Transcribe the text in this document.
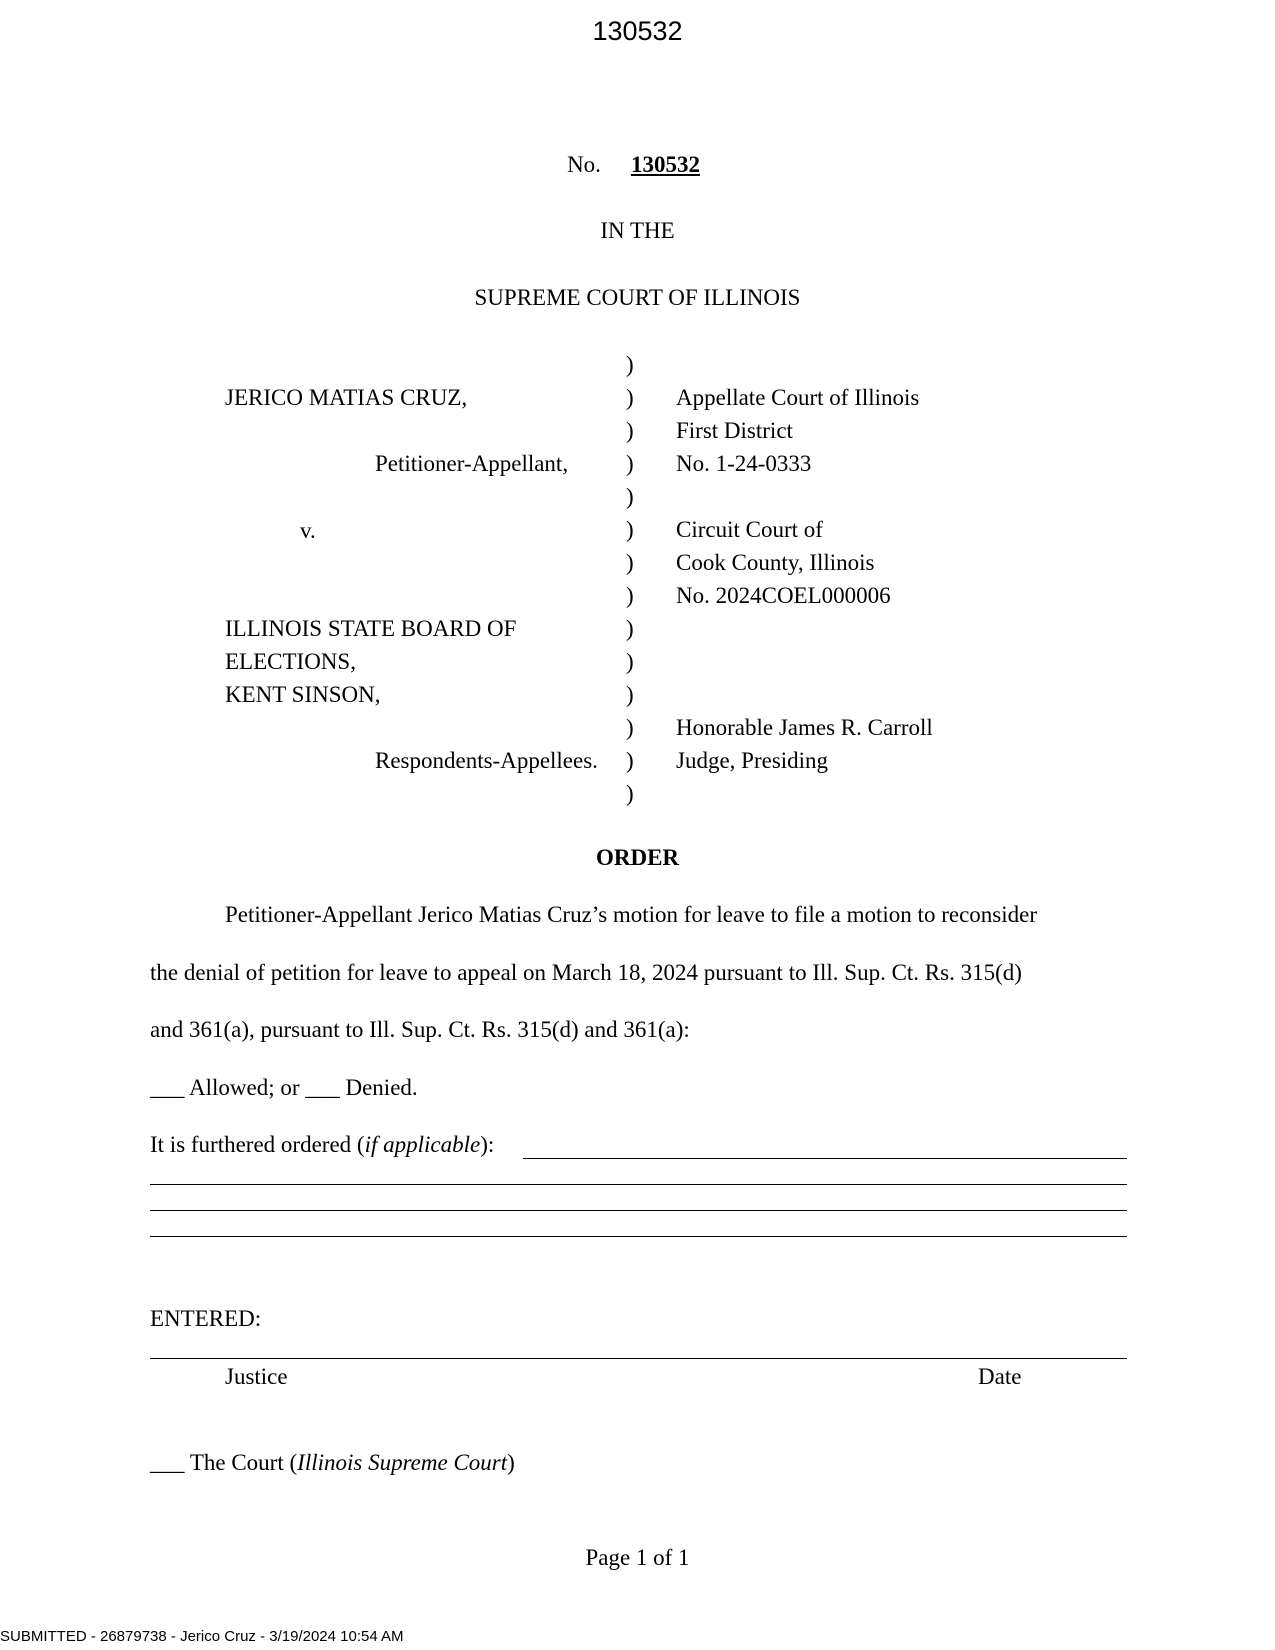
130532
No. 130532
IN THE
SUPREME COURT OF ILLINOIS
JERICO MATIAS CRUZ,
Petitioner-Appellant,
v.
ILLINOIS STATE BOARD OF
ELECTIONS,
KENT SINSON,
Respondents-Appellees.
)
)
)
)
)
)
)
)
)
)
)
)
)
)
Appellate Court of Illinois
First District
No. 1-24-0333
Circuit Court of
Cook County, Illinois
No. 2024COEL000006
Honorable James R. Carroll
Judge, Presiding
ORDER
Petitioner-Appellant Jerico Matias Cruz’s motion for leave to file a motion to reconsider
the denial of petition for leave to appeal on March 18, 2024 pursuant to Ill. Sup. Ct. Rs. 315(d)
and 361(a), pursuant to Ill. Sup. Ct. Rs. 315(d) and 361(a):
___ Allowed; or ___ Denied.
It is furthered ordered (if applicable):
ENTERED:
Justice	Date
___ The Court (Illinois Supreme Court)
Page 1 of 1
SUBMITTED - 26879738 - Jerico Cruz - 3/19/2024 10:54 AM
